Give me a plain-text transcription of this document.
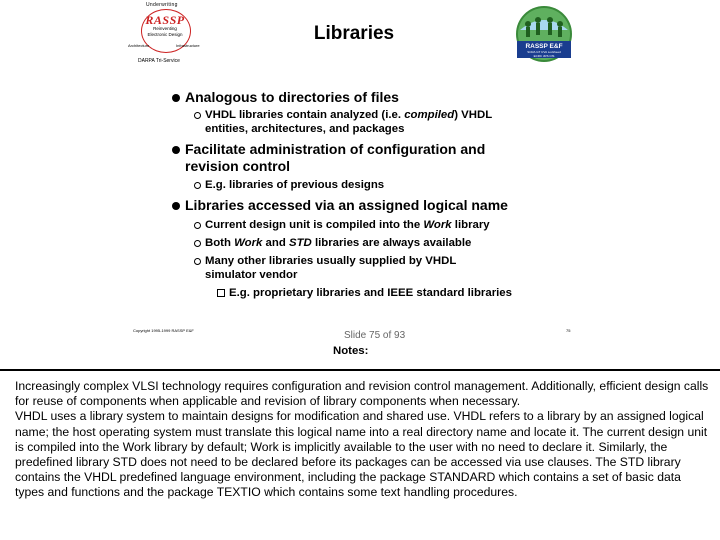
Underwriting
RASSP
Reinventing Electronic Design
Architecture	Infrastructure
DARPA Tri-Service
Libraries
RASSP E&F
SCRA GT UVA Lockheed
ECRC JRS CIS
Analogous to directories of files
VHDL libraries contain analyzed (i.e. compiled) VHDL entities, architectures, and packages
Facilitate administration of configuration and revision control
E.g. libraries of previous designs
Libraries accessed via an assigned logical name
Current design unit is compiled into the Work library
Both Work and STD libraries are always available
Many other libraries usually supplied by VHDL simulator vendor
E.g. proprietary libraries and IEEE standard libraries
Copyright 1995-1999 RASSP E&F	75
Slide 75 of 93
Notes:

Increasingly complex VLSI technology requires configuration and revision control management. Additionally, efficient design calls for reuse of components when applicable and revision of library components when necessary.

VHDL uses a library system to maintain designs for modification and shared use. VHDL refers to a library by an assigned logical name; the host operating system must translate this logical name into a real directory name and locate it. The current design unit is compiled into the Work library by default; Work is implicitly available to the user with no need to declare it. Similarly, the predefined library STD does not need to be declared before its packages can be accessed via use clauses. The STD library contains the VHDL predefined language environment, including the package STANDARD which contains a set of basic data types and functions and the package TEXTIO which contains some text handling procedures.
